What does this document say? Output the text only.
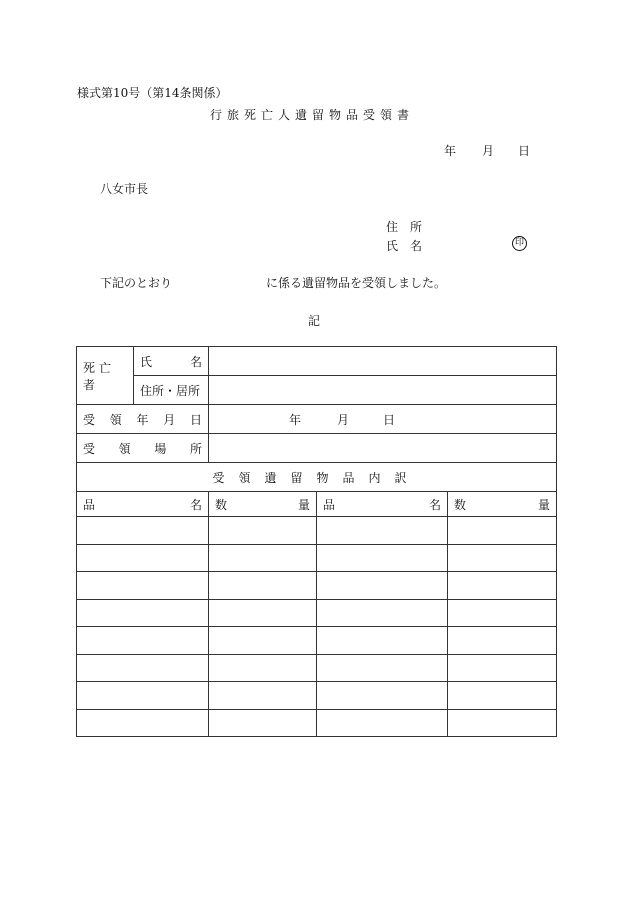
様式第10号（第14条関係）
行旅死亡人遺留物品受領書
年 月 日
八女市長
住所
氏名	印
下記のとおり	に係る遺留物品を受領しました。
記
死亡者	氏 名	

	住所・居所	

受 領 年 月 日		年 月 日

受 領 場 所		

受領遺留物品内訳		
品 名	数 量	品 名	数 量
